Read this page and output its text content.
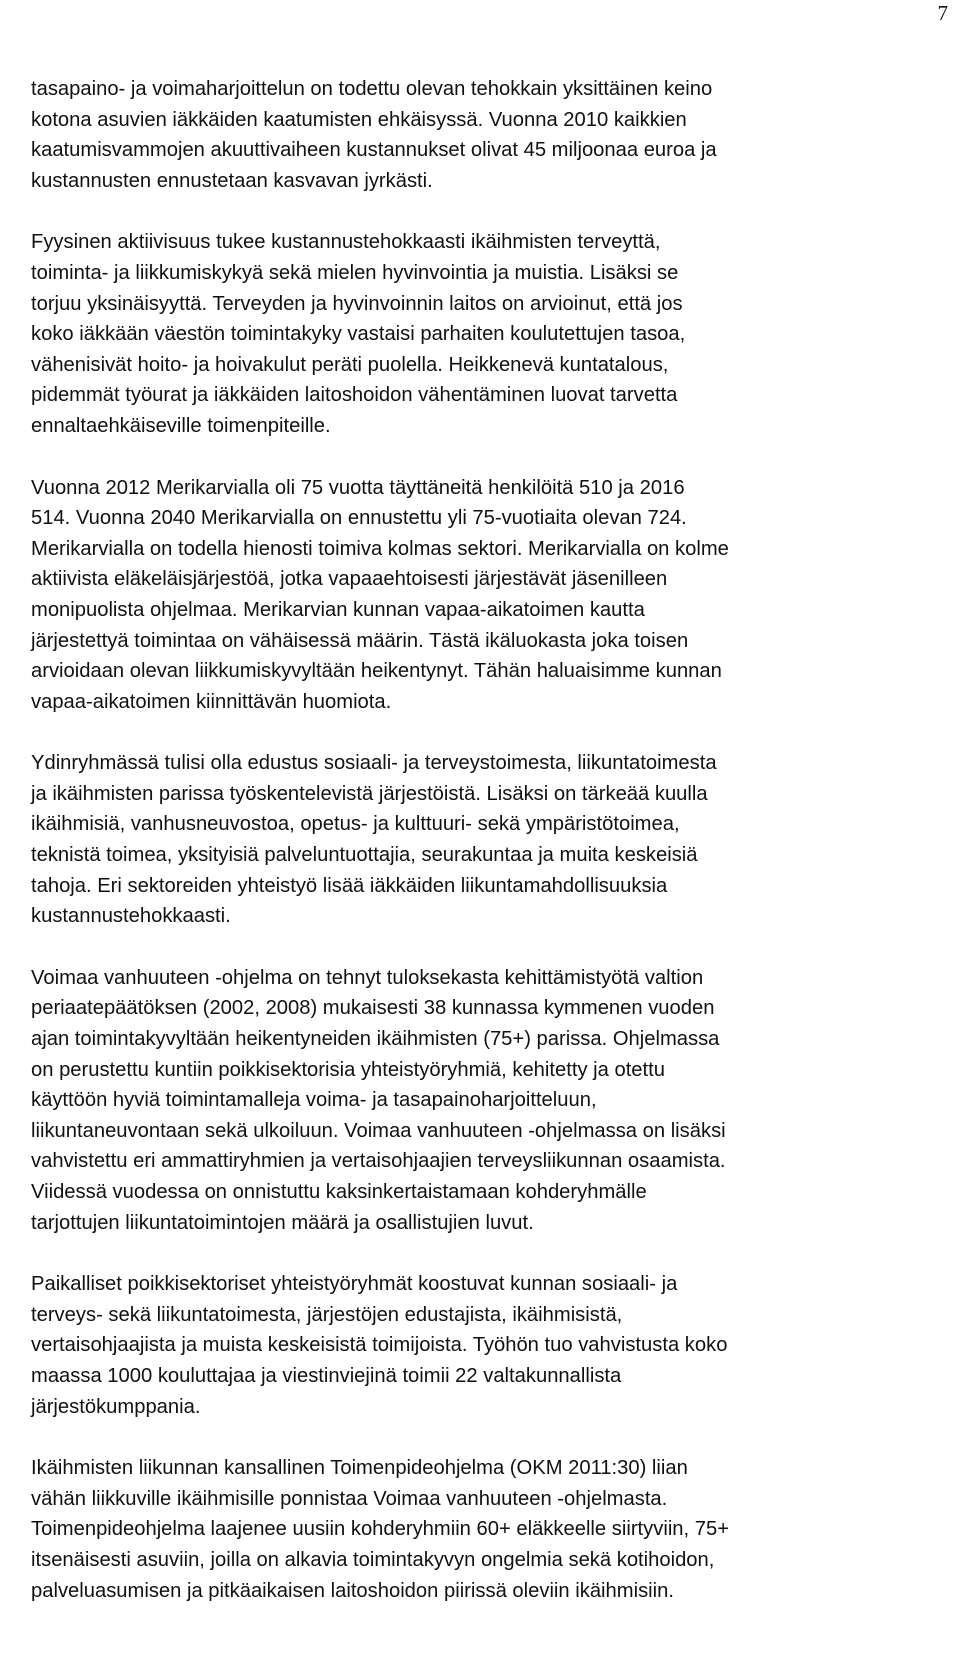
7
tasapaino- ja voimaharjoittelun on todettu olevan tehokkain yksittäinen keino
kotona asuvien iäkkäiden kaatumisten ehkäisyssä. Vuonna 2010 kaikkien
kaatumisvammojen akuuttivaiheen kustannukset olivat 45 miljoonaa euroa ja
kustannusten ennustetaan kasvavan jyrkästi.
Fyysinen aktiivisuus tukee kustannustehokkaasti ikäihmisten terveyttä,
toiminta- ja liikkumiskykyä sekä mielen hyvinvointia ja muistia. Lisäksi se
torjuu yksinäisyyttä. Terveyden ja hyvinvoinnin laitos on arvioinut, että jos
koko iäkkään väestön toimintakyky vastaisi parhaiten koulutettujen tasoa,
vähenisivät hoito- ja hoivakulut peräti puolella. Heikkenevä kuntatalous,
pidemmät työurat ja iäkkäiden laitoshoidon vähentäminen luovat tarvetta
ennaltaehkäiseville toimenpiteille.
Vuonna 2012 Merikarvialla oli 75 vuotta täyttäneitä henkilöitä 510 ja 2016
514. Vuonna 2040 Merikarvialla on ennustettu yli 75-vuotiaita olevan 724.
Merikarvialla on todella hienosti toimiva kolmas sektori. Merikarvialla on kolme
aktiivista eläkeläisjärjestöä, jotka vapaaehtoisesti järjestävät jäsenilleen
monipuolista ohjelmaa. Merikarvian kunnan vapaa-aikatoimen kautta
järjestettyä toimintaa on vähäisessä määrin. Tästä ikäluokasta joka toisen
arvioidaan olevan liikkumiskyvyltään heikentynyt. Tähän haluaisimme kunnan
vapaa-aikatoimen kiinnittävän huomiota.
Ydinryhmässä tulisi olla edustus sosiaali- ja terveystoimesta, liikuntatoimesta
ja ikäihmisten parissa työskentelevistä järjestöistä. Lisäksi on tärkeää kuulla
ikäihmisiä, vanhusneuvostoa, opetus- ja kulttuuri- sekä ympäristötoimea,
teknistä toimea, yksityisiä palveluntuottajia, seurakuntaa ja muita keskeisiä
tahoja. Eri sektoreiden yhteistyö lisää iäkkäiden liikuntamahdollisuuksia
kustannustehokkaasti.
Voimaa vanhuuteen -ohjelma on tehnyt tuloksekasta kehittämistyötä valtion
periaatepäätöksen (2002, 2008) mukaisesti 38 kunnassa kymmenen vuoden
ajan toimintakyvyltään heikentyneiden ikäihmisten (75+) parissa. Ohjelmassa
on perustettu kuntiin poikkisektorisia yhteistyöryhmiä, kehitetty ja otettu
käyttöön hyviä toimintamalleja voima- ja tasapainoharjoitteluun,
liikuntaneuvontaan sekä ulkoiluun. Voimaa vanhuuteen -ohjelmassa on lisäksi
vahvistettu eri ammattiryhmien ja vertaisohjaajien terveysliikunnan osaamista.
Viidessä vuodessa on onnistuttu kaksinkertaistamaan kohderyhmälle
tarjottujen liikuntatoimintojen määrä ja osallistujien luvut.
Paikalliset poikkisektoriset yhteistyöryhmät koostuvat kunnan sosiaali- ja
terveys- sekä liikuntatoimesta, järjestöjen edustajista, ikäihmisistä,
vertaisohjaajista ja muista keskeisistä toimijoista. Työhön tuo vahvistusta koko
maassa 1000 kouluttajaa ja viestinviejinä toimii 22 valtakunnallista
järjestökumppania.
Ikäihmisten liikunnan kansallinen Toimenpideohjelma (OKM 2011:30) liian
vähän liikkuville ikäihmisille ponnistaa Voimaa vanhuuteen -ohjelmasta.
Toimenpideohjelma laajenee uusiin kohderyhmiin 60+ eläkkeelle siirtyviin, 75+
itsenäisesti asuviin, joilla on alkavia toimintakyvyn ongelmia sekä kotihoidon,
palveluasumisen ja pitkäaikaisen laitoshoidon piirissä oleviin ikäihmisiin.
